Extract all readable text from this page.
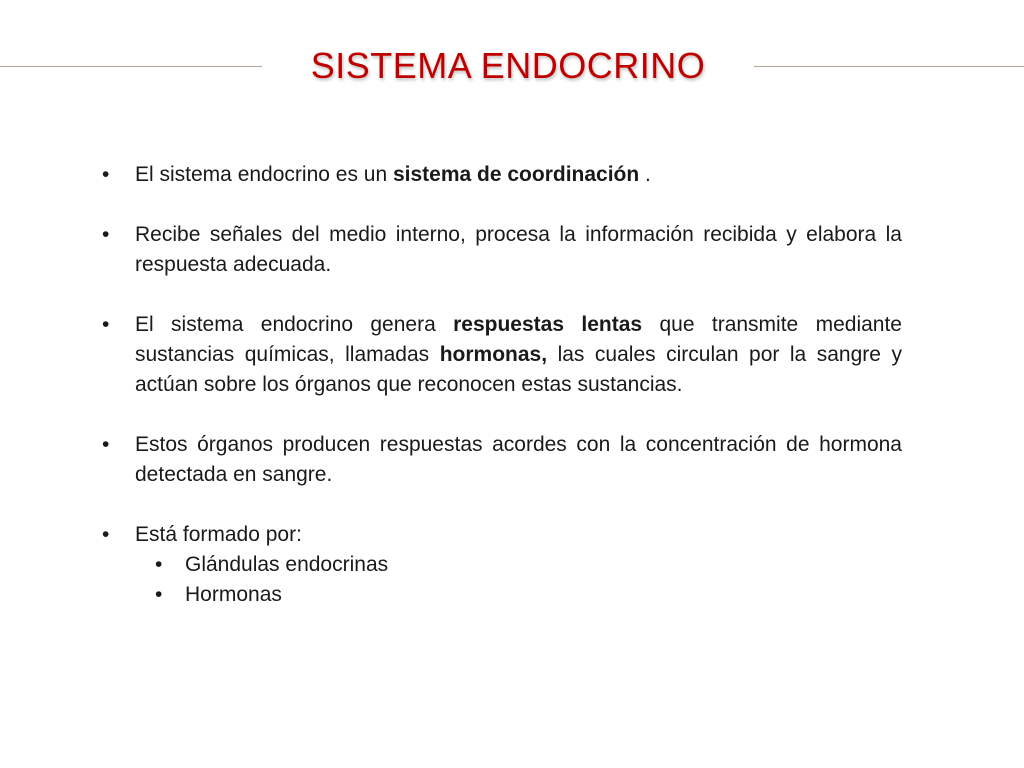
SISTEMA ENDOCRINO
• El sistema endocrino es un sistema de coordinación .
• Recibe señales del medio interno, procesa la información recibida y elabora la respuesta adecuada.
• El sistema endocrino genera respuestas lentas que transmite mediante sustancias químicas, llamadas hormonas, las cuales circulan por la sangre y actúan sobre los órganos que reconocen estas sustancias.
• Estos órganos producen respuestas acordes con la concentración de hormona detectada en sangre.
• Está formado por:
• Glándulas endocrinas
• Hormonas
